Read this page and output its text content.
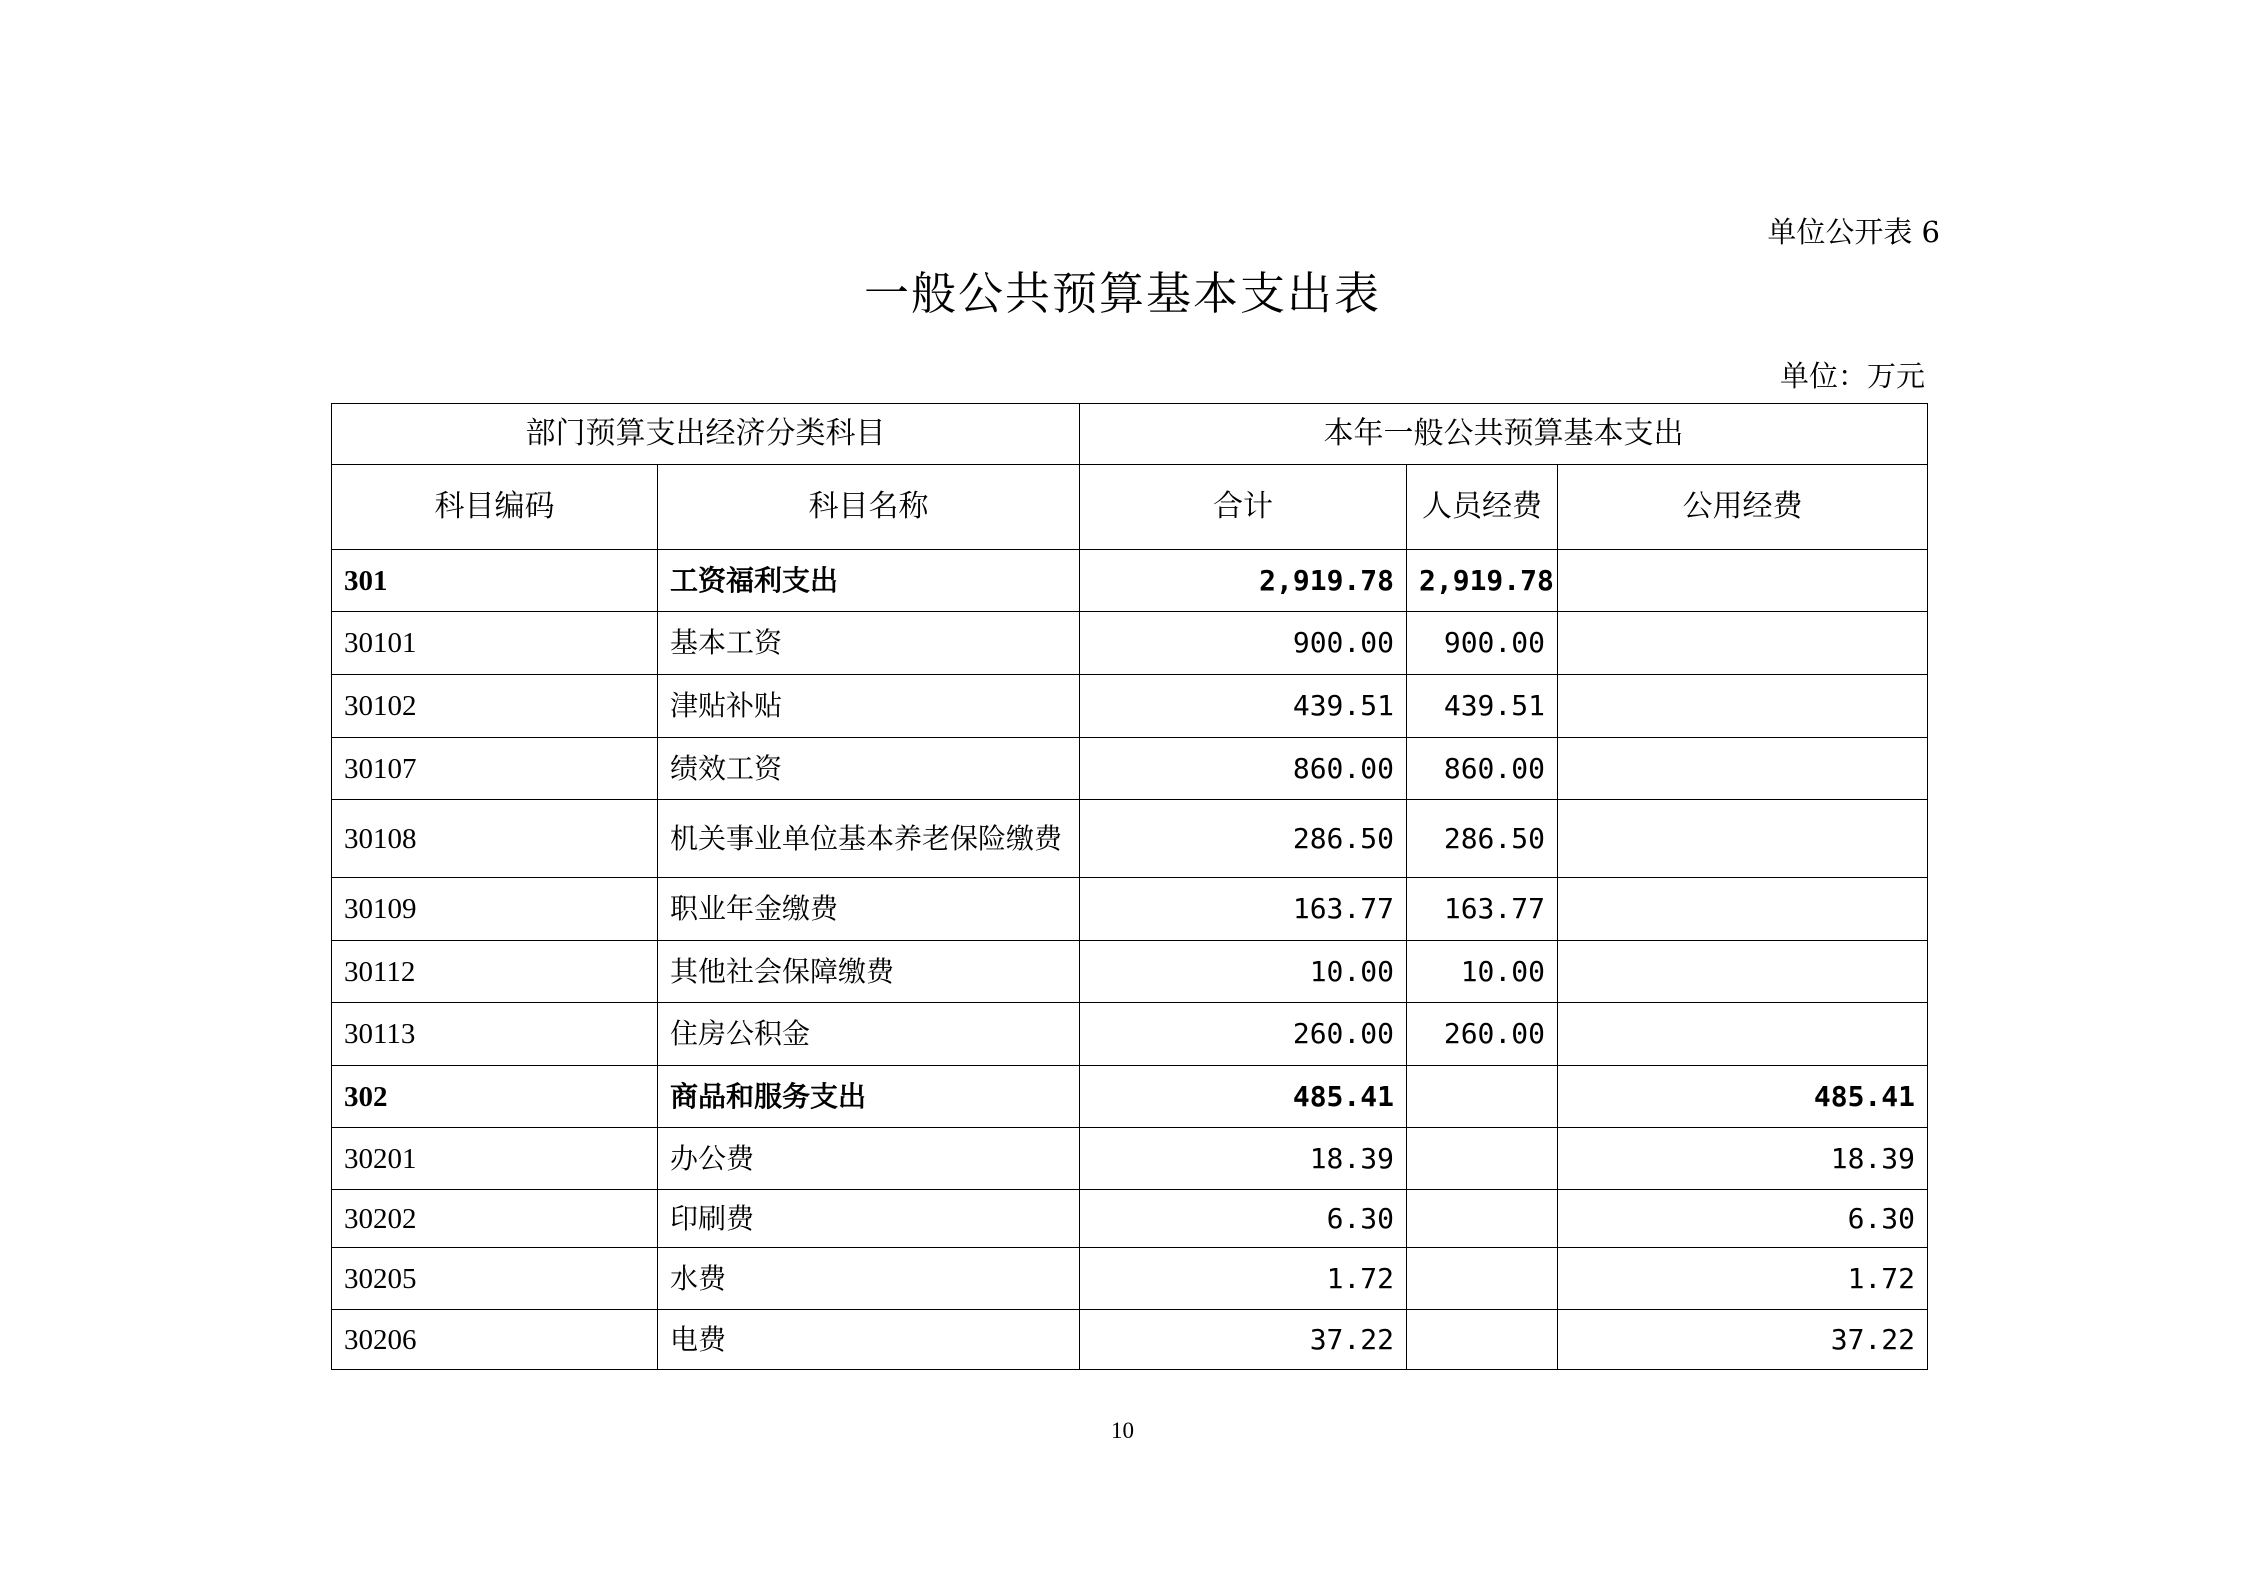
单位公开表 6
一般公共预算基本支出表
单位：万元
部门预算支出经济分类科目		本年一般公共预算基本支出		
科目编码	科目名称	合计	人员经费	公用经费
301	工资福利支出	2,919.78	2,919.78	
30101	基本工资	900.00	900.00	
30102	津贴补贴	439.51	439.51	
30107	绩效工资	860.00	860.00	
30108	机关事业单位基本养老保险缴费	286.50	286.50	
30109	职业年金缴费	163.77	163.77	
30112	其他社会保障缴费	10.00	10.00	
30113	住房公积金	260.00	260.00	
302	商品和服务支出	485.41		485.41
30201	办公费	18.39		18.39
30202	印刷费	6.30		6.30
30205	水费	1.72		1.72
30206	电费	37.22		37.22
10
